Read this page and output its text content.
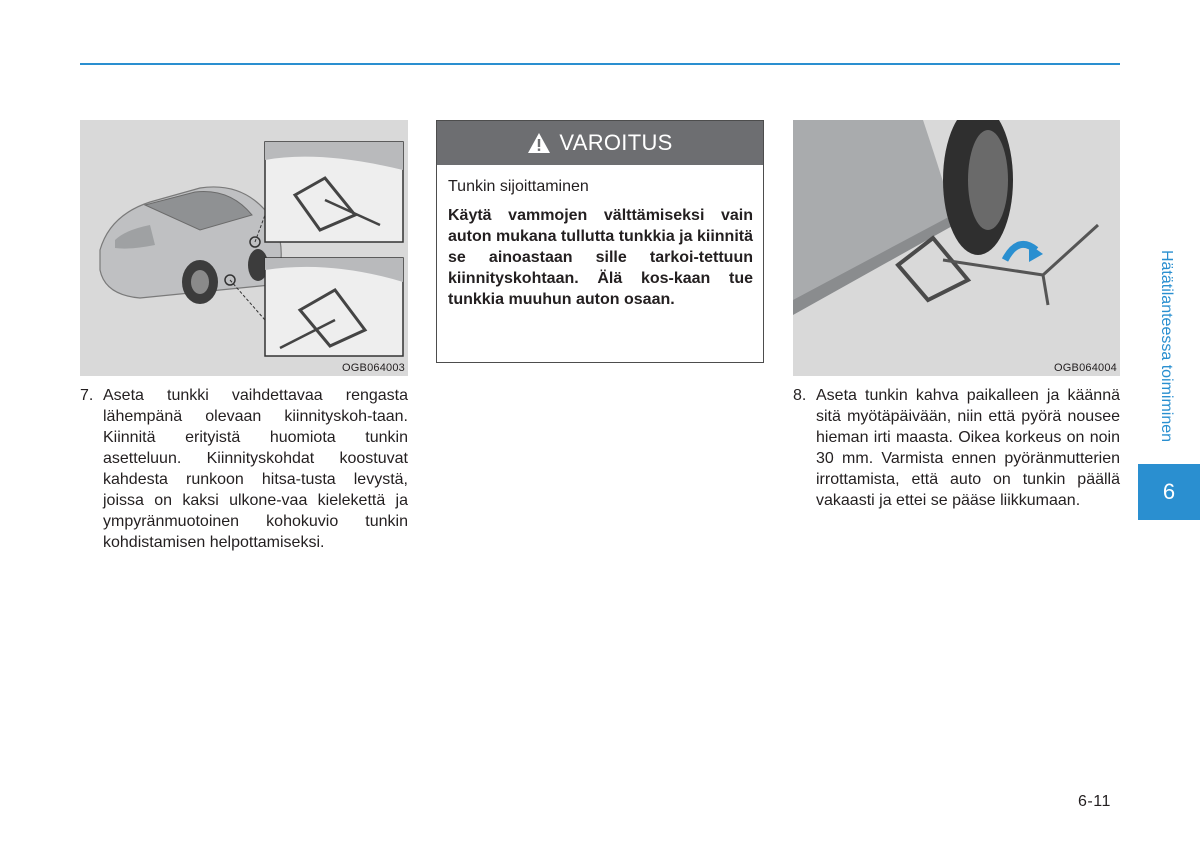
OGB064003
7. Aseta tunkki vaihdettavaa rengasta lähempänä olevaan kiinnityskoh-taan. Kiinnitä erityistä huomiota tunkin asetteluun. Kiinnityskohdat koostuvat kahdesta runkoon hitsa-tusta levystä, joissa on kaksi ulkone-vaa kielekettä ja ympyränmuotoinen kohokuvio tunkin kohdistamisen helpottamiseksi.
VAROITUS
Tunkin sijoittaminen
Käytä vammojen välttämiseksi vain auton mukana tullutta tunkkia ja kiinnitä se ainoastaan sille tarkoi-tettuun kiinnityskohtaan. Älä kos-kaan tue tunkkia muuhun auton osaan.
OGB064004
8. Aseta tunkin kahva paikalleen ja käännä sitä myötäpäivään, niin että pyörä nousee hieman irti maasta. Oikea korkeus on noin 30 mm. Varmista ennen pyöränmutterien irrottamista, että auto on tunkin päällä vakaasti ja ettei se pääse liikkumaan.
Hätätilanteessa toimiminen
6
6-11
